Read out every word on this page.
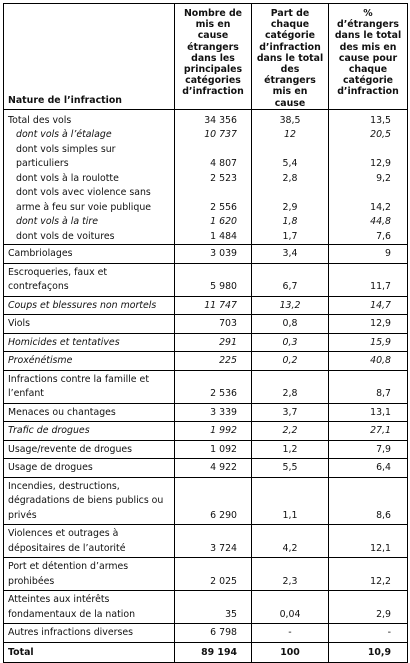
Nature de l’infraction	Nombre de mis en cause étrangers dans les principales catégories d’infraction	Part de chaque catégorie d’infraction dans le total des étrangers mis en cause	% d’étrangers dans le total des mis en cause pour chaque catégorie d’infraction
Total des vols	34 356	38,5	13,5
dont vols à l’étalage	10 737	12	20,5
dont vols simples sur particuliers	4 807	5,4	12,9
dont vols à la roulotte	2 523	2,8	9,2
dont vols avec violence sans arme à feu sur voie publique	2 556	2,9	14,2
dont vols à la tire	1 620	1,8	44,8
dont vols de voitures	1 484	1,7	7,6
Cambriolages	3 039	3,4	9
Escroqueries, faux et contrefaçons	5 980	6,7	11,7
Coups et blessures non mortels	11 747	13,2	14,7
Viols	703	0,8	12,9
Homicides et tentatives	291	0,3	15,9
Proxénétisme	225	0,2	40,8
Infractions contre la famille et l’enfant	2 536	2,8	8,7
Menaces ou chantages	3 339	3,7	13,1
Trafic de drogues	1 992	2,2	27,1
Usage/revente de drogues	1 092	1,2	7,9
Usage de drogues	4 922	5,5	6,4
Incendies, destructions, dégradations de biens publics ou privés	6 290	1,1	8,6
Violences et outrages à dépositaires de l’autorité	3 724	4,2	12,1
Port et détention d’armes prohibées	2 025	2,3	12,2
Atteintes aux intérêts fondamentaux de la nation	35	0,04	2,9
Autres infractions diverses	6 798	-	-
Total	89 194	100	10,9
